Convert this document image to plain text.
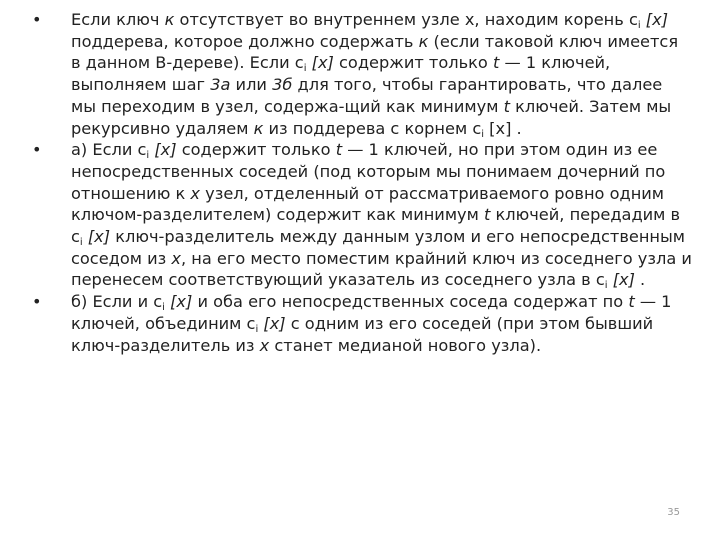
• Если ключ к отсутствует во внутреннем узле x, находим корень $c_i$ [x] поддерева, которое должно содержать к (если таковой ключ имеется в данном B-дереве). Если $c_i$ [x] содержит только t — 1 ключей, выполняем шаг 3а или 3б для того, чтобы гарантировать, что далее мы переходим в узел, содержа-щий как минимум t ключей. Затем мы рекурсивно удаляем к из поддерева с корнем $c_i$ [x] .
• а) Если $c_i$ [x] содержит только t — 1 ключей, но при этом один из ее непосредственных соседей (под которым мы понимаем дочерний по отношению к x узел, отделенный от рассматриваемого ровно одним ключом-разделителем) содержит как минимум t ключей, передадим в $c_i$ [x] ключ-разделитель между данным узлом и его непосредственным соседом из x, на его место поместим крайний ключ из соседнего узла и перенесем соответствующий указатель из соседнего узла в $c_i$ [x] .
• б) Если и $c_i$ [x] и оба его непосредственных соседа содержат по t — 1 ключей, объединим $c_i$ [x] с одним из его соседей (при этом бывший ключ-разделитель из x станет медианой нового узла).
35
